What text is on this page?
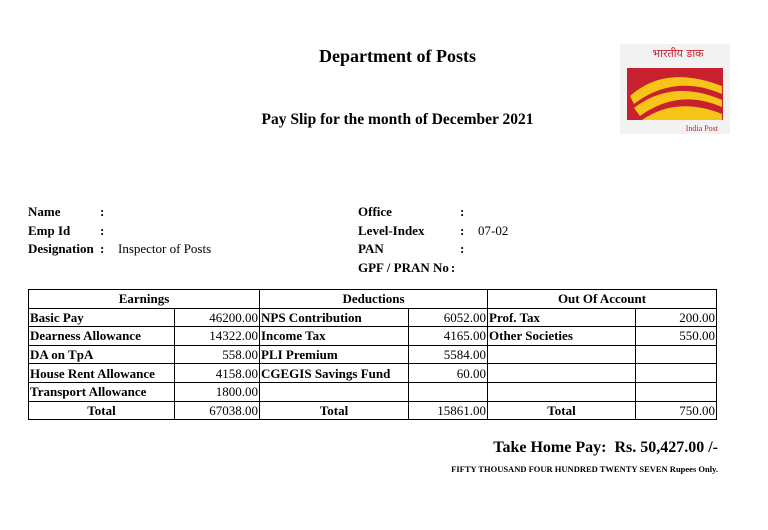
Department of Posts
Pay Slip for the month of December 2021
भारतीय डाक
India Post
Name	:
Emp Id :
Designation : Inspector of Posts
Office	:
Level-Index	: 07-02
PAN	:
GPF / PRAN No :
Earnings		Deductions		Out Of Account	
Basic Pay	46200.00	NPS Contribution	6052.00	Prof. Tax	200.00
Dearness Allowance	14322.00	Income Tax	4165.00	Other Societies	550.00
DA on TpA	558.00	PLI Premium	5584.00		
House Rent Allowance	4158.00	CGEGIS Savings Fund	60.00		
Transport Allowance	1800.00				
Total	67038.00	Total	15861.00	Total	750.00
Take Home Pay: Rs. 50,427.00 /-
FIFTY THOUSAND FOUR HUNDRED TWENTY SEVEN Rupees Only.
